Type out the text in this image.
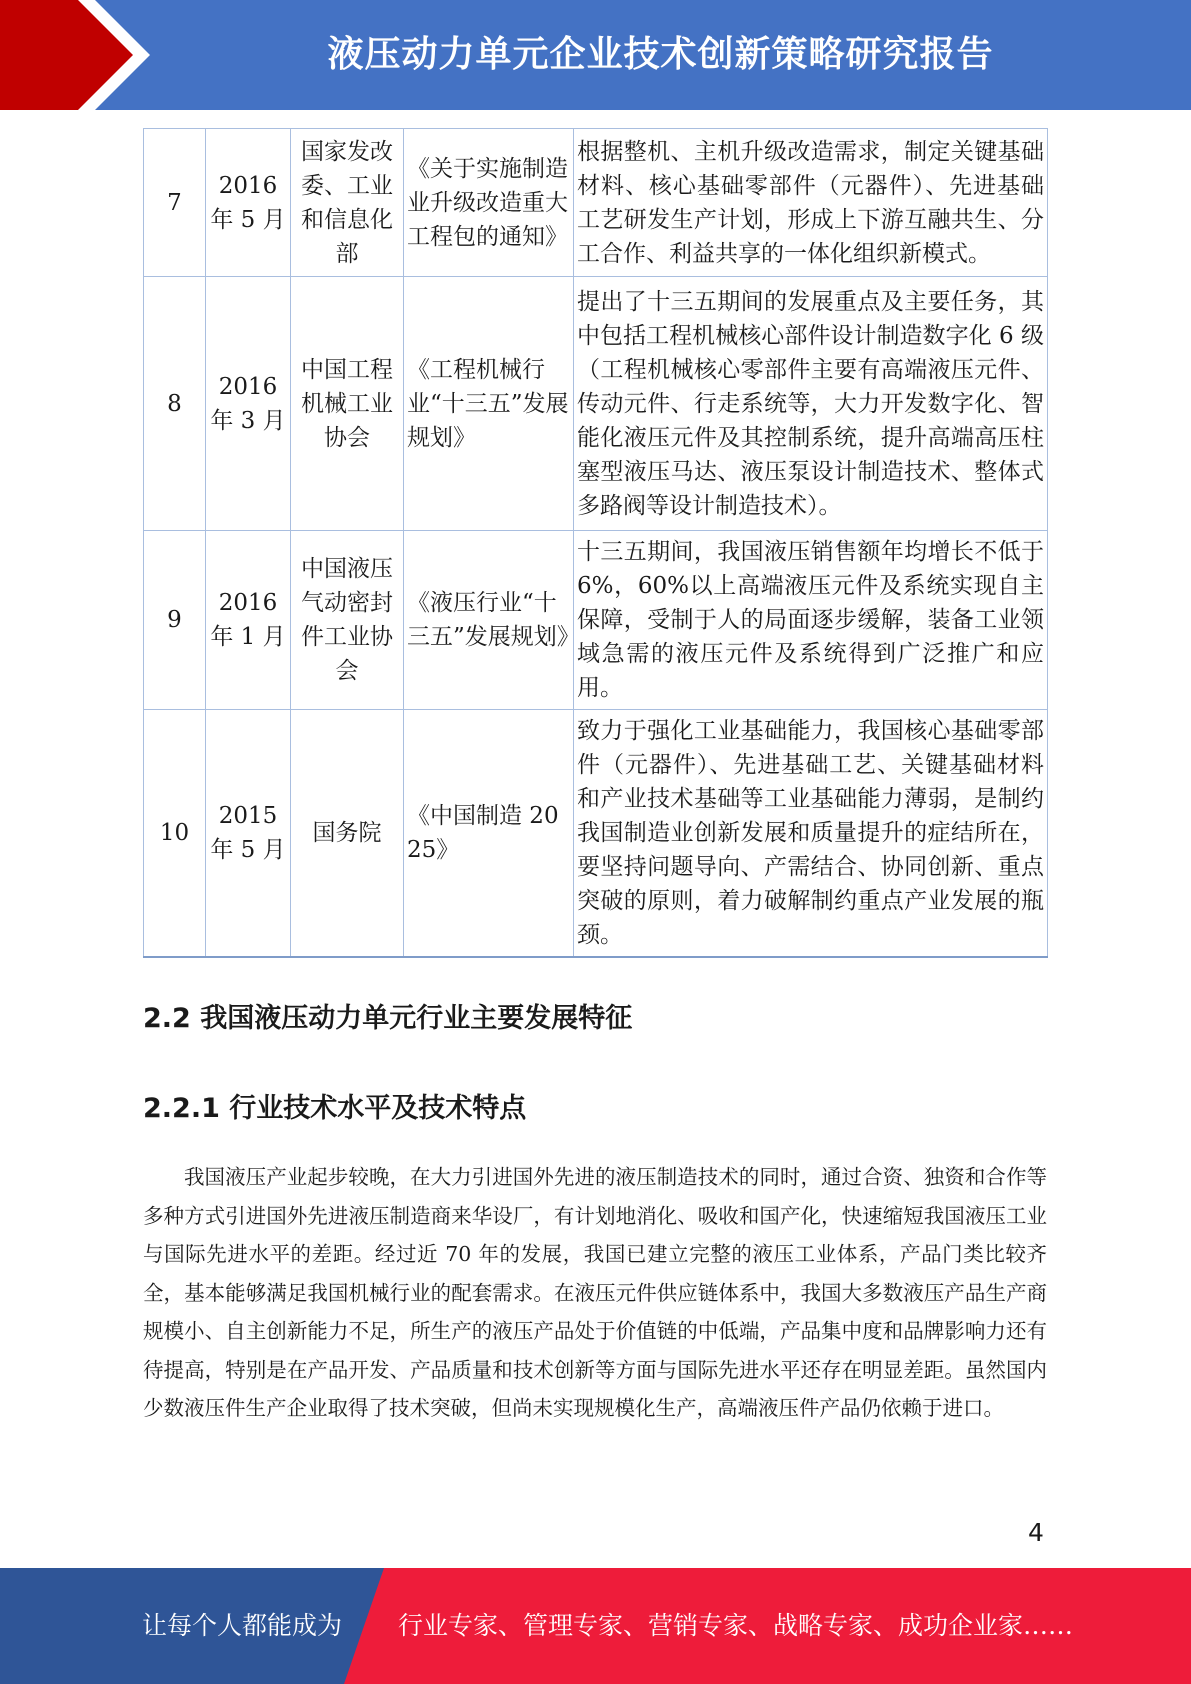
液压动力单元企业技术创新策略研究报告
7	2016 年 5 月	国家发改委、工业和信息化部	《关于实施制造业升级改造重大工程包的通知》	根据整机、主机升级改造需求，制定关键基础材料、核心基础零部件（元器件）、先进基础工艺研发生产计划，形成上下游互融共生、分工合作、利益共享的一体化组织新模式。
8	2016 年 3 月	中国工程机械工业协会	《工程机械行业“十三五”发展规划》	提出了十三五期间的发展重点及主要任务，其中包括工程机械核心部件设计制造数字化 6 级（工程机械核心零部件主要有高端液压元件、传动元件、行走系统等，大力开发数字化、智能化液压元件及其控制系统，提升高端高压柱塞型液压马达、液压泵设计制造技术、整体式多路阀等设计制造技术）。
9	2016 年 1 月	中国液压气动密封件工业协会	《液压行业“十三五”发展规划》	十三五期间，我国液压销售额年均增长不低于 6%，60%以上高端液压元件及系统实现自主保障，受制于人的局面逐步缓解，装备工业领域急需的液压元件及系统得到广泛推广和应用。
10	2015 年 5 月	国务院	《中国制造 2025》	致力于强化工业基础能力，我国核心基础零部件（元器件）、先进基础工艺、关键基础材料和产业技术基础等工业基础能力薄弱，是制约我国制造业创新发展和质量提升的症结所在，要坚持问题导向、产需结合、协同创新、重点突破的原则，着力破解制约重点产业发展的瓶颈。
2.2 我国液压动力单元行业主要发展特征
2.2.1 行业技术水平及技术特点

我国液压产业起步较晚，在大力引进国外先进的液压制造技术的同时，通过合资、独资和合作等多种方式引进国外先进液压制造商来华设厂，有计划地消化、吸收和国产化，快速缩短我国液压工业与国际先进水平的差距。经过近 70 年的发展，我国已建立完整的液压工业体系，产品门类比较齐全，基本能够满足我国机械行业的配套需求。在液压元件供应链体系中，我国大多数液压产品生产商规模小、自主创新能力不足，所生产的液压产品处于价值链的中低端，产品集中度和品牌影响力还有待提高，特别是在产品开发、产品质量和技术创新等方面与国际先进水平还存在明显差距。虽然国内少数液压件生产企业取得了技术突破，但尚未实现规模化生产，高端液压件产品仍依赖于进口。

4
让每个人都能成为 行业专家、管理专家、营销专家、战略专家、成功企业家……
